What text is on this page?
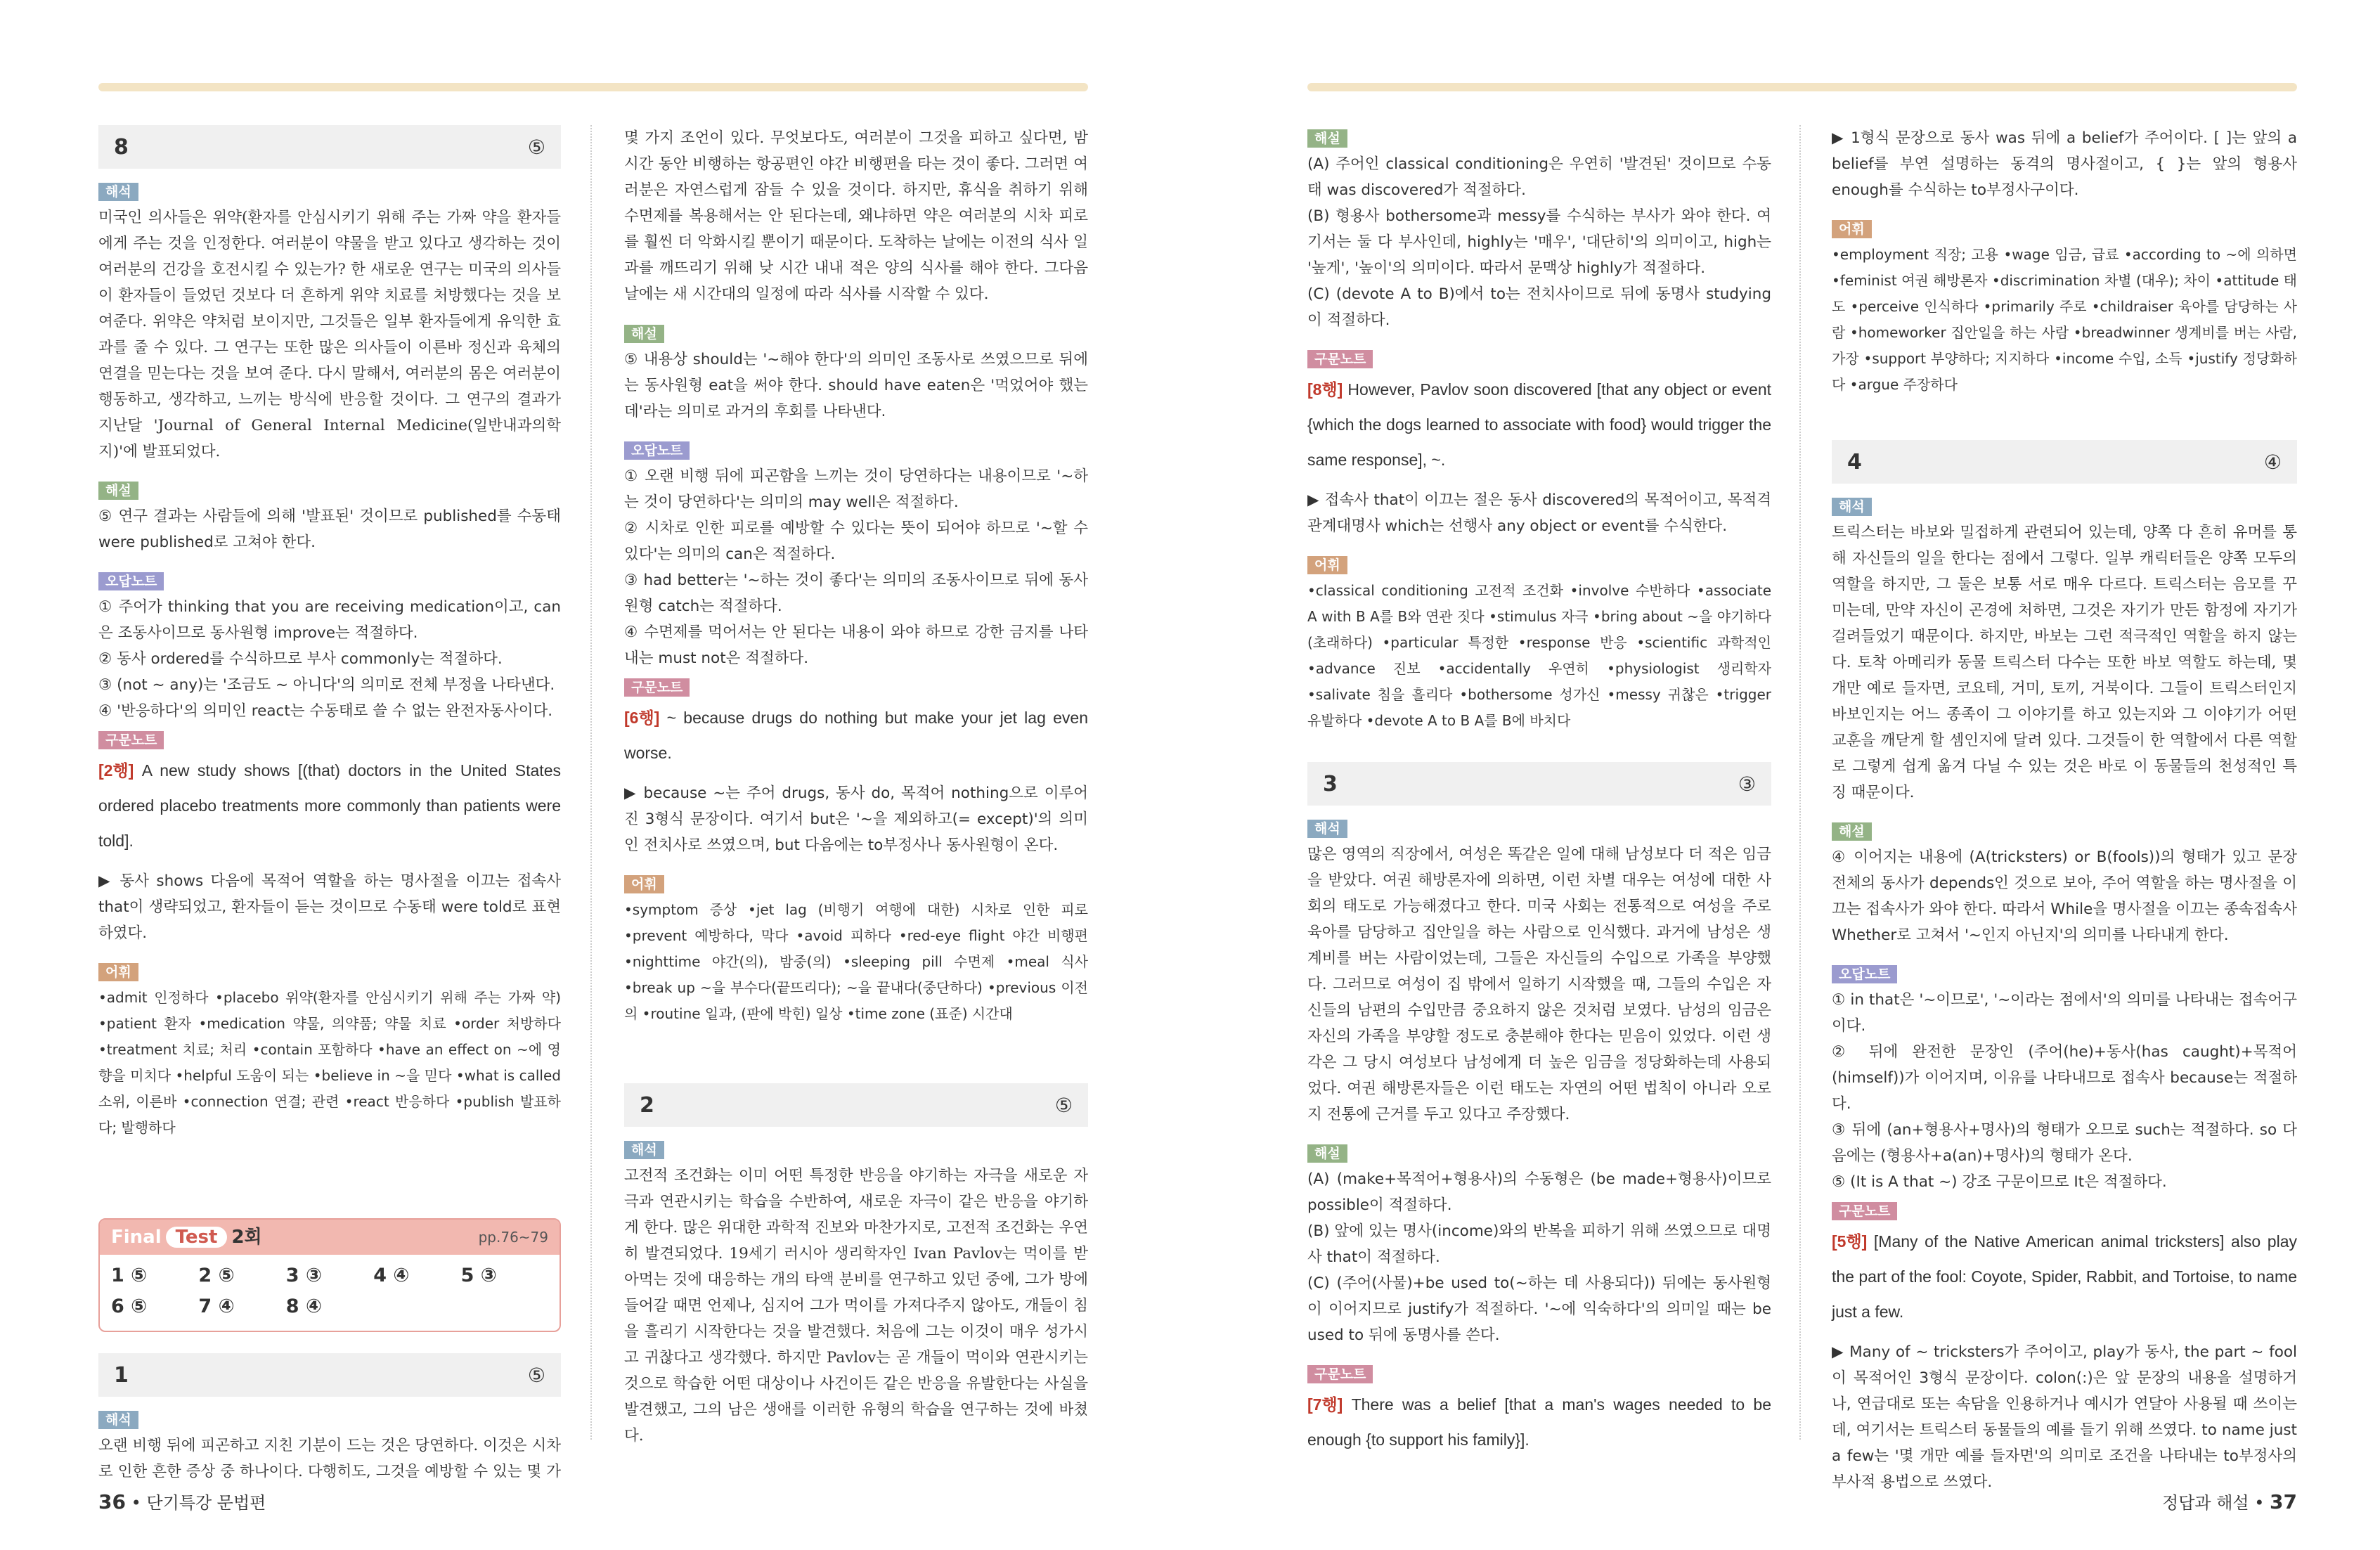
8	⑤
해석

미국인 의사들은 위약(환자를 안심시키기 위해 주는 가짜 약을 환자들에게 주는 것을 인정한다. 여러분이 약물을 받고 있다고 생각하는 것이 여러분의 건강을 호전시킬 수 있는가? 한 새로운 연구는 미국의 의사들이 환자들이 들었던 것보다 더 흔하게 위약 치료를 처방했다는 것을 보여준다. 위약은 약처럼 보이지만, 그것들은 일부 환자들에게 유익한 효과를 줄 수 있다. 그 연구는 또한 많은 의사들이 이른바 정신과 육체의 연결을 믿는다는 것을 보여 준다. 다시 말해서, 여러분의 몸은 여러분이 행동하고, 생각하고, 느끼는 방식에 반응할 것이다. 그 연구의 결과가 지난달 'Journal of General Internal Medicine(일반내과의학지)'에 발표되었다.

해설

⑤ 연구 결과는 사람들에 의해 '발표된' 것이므로 published를 수동태 were published로 고쳐야 한다.

오답노트

① 주어가 thinking that you are receiving medication이고, can은 조동사이므로 동사원형 improve는 적절하다.
② 동사 ordered를 수식하므로 부사 commonly는 적절하다.
③ (not ~ any)는 '조금도 ~ 아니다'의 의미로 전체 부정을 나타낸다.
④ '반응하다'의 의미인 react는 수동태로 쓸 수 없는 완전자동사이다.

구문노트

[2행] A new study shows [(that) doctors in the United States ordered placebo treatments more commonly than patients were told].

▶ 동사 shows 다음에 목적어 역할을 하는 명사절을 이끄는 접속사 that이 생략되었고, 환자들이 듣는 것이므로 수동태 were told로 표현하였다.

어휘

•admit 인정하다 •placebo 위약(환자를 안심시키기 위해 주는 가짜 약) •patient 환자 •medication 약물, 의약품; 약물 치료 •order 처방하다 •treatment 치료; 처리 •contain 포함하다 •have an effect on ~에 영향을 미치다 •helpful 도움이 되는 •believe in ~을 믿다 •what is called 소위, 이른바 •connection 연결; 관련 •react 반응하다 •publish 발표하다; 발행하다

Final Test 2회	pp.76~79
1 ⑤	2 ⑤	3 ③	4 ④	5 ③
6 ⑤	7 ④	8 ④
1	⑤
해석

오랜 비행 뒤에 피곤하고 지친 기분이 드는 것은 당연하다. 이것은 시차로 인한 흔한 증상 중 하나이다. 다행히도, 그것을 예방할 수 있는 몇 가

몇 가지 조언이 있다. 무엇보다도, 여러분이 그것을 피하고 싶다면, 밤 시간 동안 비행하는 항공편인 야간 비행편을 타는 것이 좋다. 그러면 여러분은 자연스럽게 잠들 수 있을 것이다. 하지만, 휴식을 취하기 위해 수면제를 복용해서는 안 된다는데, 왜냐하면 약은 여러분의 시차 피로를 훨씬 더 악화시킬 뿐이기 때문이다. 도착하는 날에는 이전의 식사 일과를 깨뜨리기 위해 낮 시간 내내 적은 양의 식사를 해야 한다. 그다음 날에는 새 시간대의 일정에 따라 식사를 시작할 수 있다.

해설

⑤ 내용상 should는 '~해야 한다'의 의미인 조동사로 쓰였으므로 뒤에는 동사원형 eat을 써야 한다. should have eaten은 '먹었어야 했는데'라는 의미로 과거의 후회를 나타낸다.

오답노트

① 오랜 비행 뒤에 피곤함을 느끼는 것이 당연하다는 내용이므로 '~하는 것이 당연하다'는 의미의 may well은 적절하다.
② 시차로 인한 피로를 예방할 수 있다는 뜻이 되어야 하므로 '~할 수 있다'는 의미의 can은 적절하다.
③ had better는 '~하는 것이 좋다'는 의미의 조동사이므로 뒤에 동사원형 catch는 적절하다.
④ 수면제를 먹어서는 안 된다는 내용이 와야 하므로 강한 금지를 나타내는 must not은 적절하다.

구문노트

[6행] ~ because drugs do nothing but make your jet lag even worse.

▶ because ~는 주어 drugs, 동사 do, 목적어 nothing으로 이루어진 3형식 문장이다. 여기서 but은 '~을 제외하고(= except)'의 의미인 전치사로 쓰였으며, but 다음에는 to부정사나 동사원형이 온다.

어휘

•symptom 증상 •jet lag (비행기 여행에 대한) 시차로 인한 피로 •prevent 예방하다, 막다 •avoid 피하다 •red-eye flight 야간 비행편 •nighttime 야간(의), 밤중(의) •sleeping pill 수면제 •meal 식사 •break up ~을 부수다(끝뜨리다); ~을 끝내다(중단하다) •previous 이전의 •routine 일과, (판에 박힌) 일상 •time zone (표준) 시간대

2	⑤
해석

고전적 조건화는 이미 어떤 특정한 반응을 야기하는 자극을 새로운 자극과 연관시키는 학습을 수반하여, 새로운 자극이 같은 반응을 야기하게 한다. 많은 위대한 과학적 진보와 마찬가지로, 고전적 조건화는 우연히 발견되었다. 19세기 러시아 생리학자인 Ivan Pavlov는 먹이를 받아먹는 것에 대응하는 개의 타액 분비를 연구하고 있던 중에, 그가 방에 들어갈 때면 언제나, 심지어 그가 먹이를 가져다주지 않아도, 개들이 침을 흘리기 시작한다는 것을 발견했다. 처음에 그는 이것이 매우 성가시고 귀찮다고 생각했다. 하지만 Pavlov는 곧 개들이 먹이와 연관시키는 것으로 학습한 어떤 대상이나 사건이든 같은 반응을 유발한다는 사실을 발견했고, 그의 남은 생애를 이러한 유형의 학습을 연구하는 것에 바쳤다.

해설

(A) 주어인 classical conditioning은 우연히 '발견된' 것이므로 수동태 was discovered가 적절하다.
(B) 형용사 bothersome과 messy를 수식하는 부사가 와야 한다. 여기서는 둘 다 부사인데, highly는 '매우', '대단히'의 의미이고, high는 '높게', '높이'의 의미이다. 따라서 문맥상 highly가 적절하다.
(C) (devote A to B)에서 to는 전치사이므로 뒤에 동명사 studying이 적절하다.

구문노트

[8행] However, Pavlov soon discovered [that any object or event {which the dogs learned to associate with food} would trigger the same response], ~.

▶ 접속사 that이 이끄는 절은 동사 discovered의 목적어이고, 목적격 관계대명사 which는 선행사 any object or event를 수식한다.

어휘

•classical conditioning 고전적 조건화 •involve 수반하다 •associate A with B A를 B와 연관 짓다 •stimulus 자극 •bring about ~을 야기하다(초래하다) •particular 특정한 •response 반응 •scientific 과학적인 •advance 진보 •accidentally 우연히 •physiologist 생리학자 •salivate 침을 흘리다 •bothersome 성가신 •messy 귀찮은 •trigger 유발하다 •devote A to B A를 B에 바치다

3	③
해석

많은 영역의 직장에서, 여성은 똑같은 일에 대해 남성보다 더 적은 임금을 받았다. 여권 해방론자에 의하면, 이런 차별 대우는 여성에 대한 사회의 태도로 가능해졌다고 한다. 미국 사회는 전통적으로 여성을 주로 육아를 담당하고 집안일을 하는 사람으로 인식했다. 과거에 남성은 생계비를 버는 사람이었는데, 그들은 자신들의 수입으로 가족을 부양했다. 그러므로 여성이 집 밖에서 일하기 시작했을 때, 그들의 수입은 자신들의 남편의 수입만큼 중요하지 않은 것처럼 보였다. 남성의 임금은 자신의 가족을 부양할 정도로 충분해야 한다는 믿음이 있었다. 이런 생각은 그 당시 여성보다 남성에게 더 높은 임금을 정당화하는데 사용되었다. 여권 해방론자들은 이런 태도는 자연의 어떤 법칙이 아니라 오로지 전통에 근거를 두고 있다고 주장했다.

해설

(A) (make+목적어+형용사)의 수동형은 (be made+형용사)이므로 possible이 적절하다.
(B) 앞에 있는 명사(income)와의 반복을 피하기 위해 쓰였으므로 대명사 that이 적절하다.
(C) (주어(사물)+be used to(~하는 데 사용되다)) 뒤에는 동사원형이 이어지므로 justify가 적절하다. '~에 익숙하다'의 의미일 때는 be used to 뒤에 동명사를 쓴다.

구문노트

[7행] There was a belief [that a man's wages needed to be enough {to support his family}].

▶ 1형식 문장으로 동사 was 뒤에 a belief가 주어이다. [ ]는 앞의 a belief를 부연 설명하는 동격의 명사절이고, { }는 앞의 형용사 enough를 수식하는 to부정사구이다.

어휘

•employment 직장; 고용 •wage 임금, 급료 •according to ~에 의하면 •feminist 여권 해방론자 •discrimination 차별 (대우); 차이 •attitude 태도 •perceive 인식하다 •primarily 주로 •childraiser 육아를 담당하는 사람 •homeworker 집안일을 하는 사람 •breadwinner 생계비를 버는 사람, 가장 •support 부양하다; 지지하다 •income 수입, 소득 •justify 정당화하다 •argue 주장하다

4	④
해석

트릭스터는 바보와 밀접하게 관련되어 있는데, 양쪽 다 흔히 유머를 통해 자신들의 일을 한다는 점에서 그렇다. 일부 캐릭터들은 양쪽 모두의 역할을 하지만, 그 둘은 보통 서로 매우 다르다. 트릭스터는 음모를 꾸미는데, 만약 자신이 곤경에 처하면, 그것은 자기가 만든 함정에 자기가 걸려들었기 때문이다. 하지만, 바보는 그런 적극적인 역할을 하지 않는다. 토착 아메리카 동물 트릭스터 다수는 또한 바보 역할도 하는데, 몇 개만 예로 들자면, 코요테, 거미, 토끼, 거북이다. 그들이 트릭스터인지 바보인지는 어느 종족이 그 이야기를 하고 있는지와 그 이야기가 어떤 교훈을 깨닫게 할 셈인지에 달려 있다. 그것들이 한 역할에서 다른 역할로 그렇게 쉽게 옮겨 다닐 수 있는 것은 바로 이 동물들의 천성적인 특징 때문이다.

해설

④ 이어지는 내용에 (A(tricksters) or B(fools))의 형태가 있고 문장 전체의 동사가 depends인 것으로 보아, 주어 역할을 하는 명사절을 이끄는 접속사가 와야 한다. 따라서 While을 명사절을 이끄는 종속접속사 Whether로 고쳐서 '~인지 아닌지'의 의미를 나타내게 한다.

오답노트

① in that은 '~이므로', '~이라는 점에서'의 의미를 나타내는 접속어구이다.
② 뒤에 완전한 문장인 (주어(he)+동사(has caught)+목적어(himself))가 이어지며, 이유를 나타내므로 접속사 because는 적절하다.
③ 뒤에 (an+형용사+명사)의 형태가 오므로 such는 적절하다. so 다음에는 (형용사+a(an)+명사)의 형태가 온다.
⑤ (It is A that ~) 강조 구문이므로 It은 적절하다.

구문노트

[5행] [Many of the Native American animal tricksters] also play the part of the fool: Coyote, Spider, Rabbit, and Tortoise, to name just a few.

▶ Many of ~ tricksters가 주어이고, play가 동사, the part ~ fool이 목적어인 3형식 문장이다. colon(:)은 앞 문장의 내용을 설명하거나, 연급대로 또는 속담을 인용하거나 예시가 연달아 사용될 때 쓰이는데, 여기서는 트릭스터 동물들의 예를 들기 위해 쓰였다. to name just a few는 '몇 개만 예를 들자면'의 의미로 조건을 나타내는 to부정사의 부사적 용법으로 쓰였다.

36 • 단기특강 문법편	정답과 해설 • 37
